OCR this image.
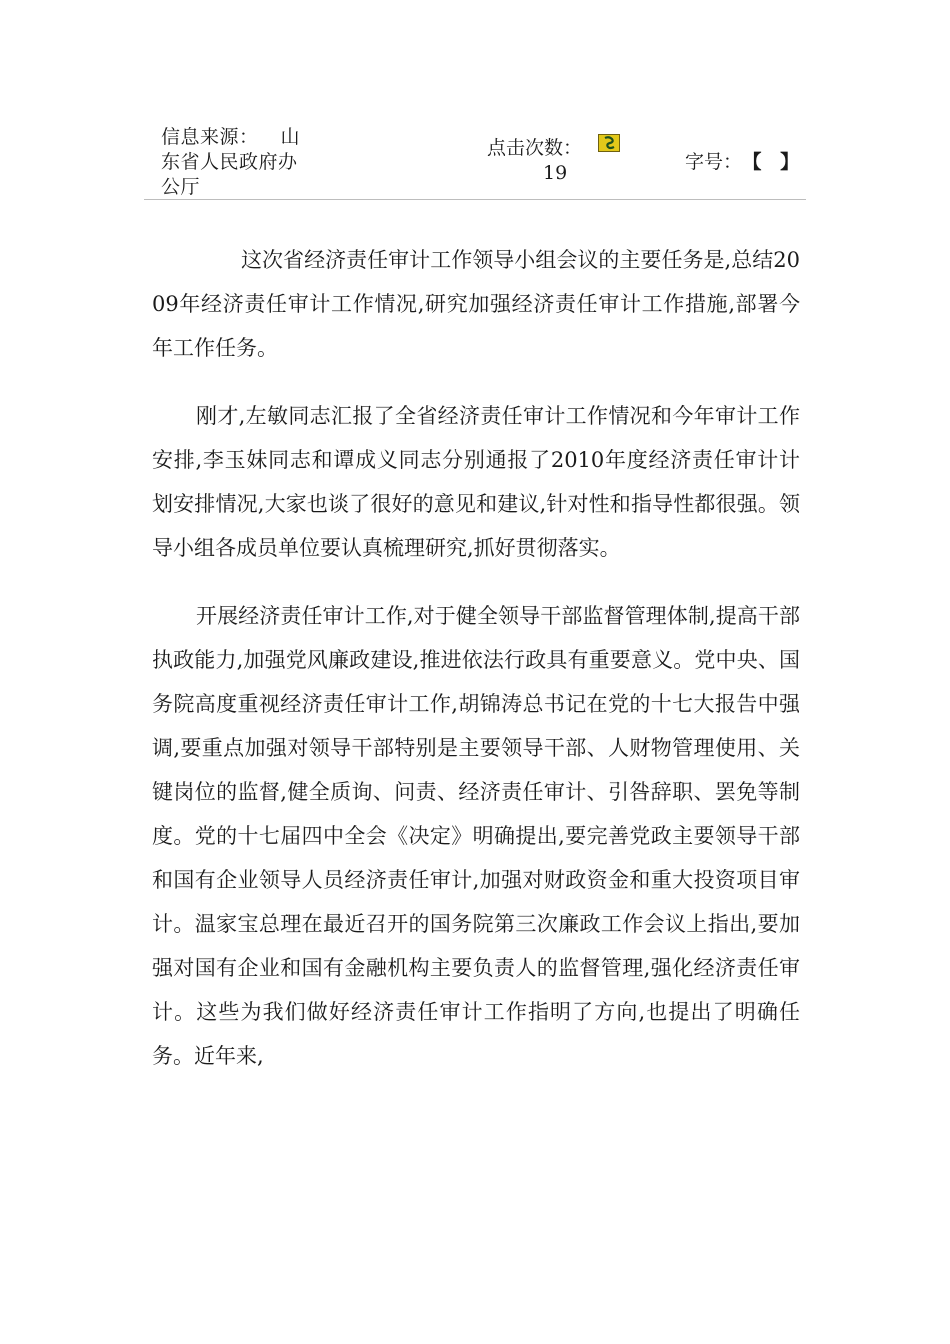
信息来源： 山东省人民政府办公厅
点击次数：
19	字号： 【 】

这次省经济责任审计工作领导小组会议的主要任务是,总结2009年经济责任审计工作情况,研究加强经济责任审计工作措施,部署今年工作任务。

刚才,左敏同志汇报了全省经济责任审计工作情况和今年审计工作安排,李玉妹同志和谭成义同志分别通报了2010年度经济责任审计计划安排情况,大家也谈了很好的意见和建议,针对性和指导性都很强。领导小组各成员单位要认真梳理研究,抓好贯彻落实。

开展经济责任审计工作,对于健全领导干部监督管理体制,提高干部执政能力,加强党风廉政建设,推进依法行政具有重要意义。党中央、国务院高度重视经济责任审计工作,胡锦涛总书记在党的十七大报告中强调,要重点加强对领导干部特别是主要领导干部、人财物管理使用、关键岗位的监督,健全质询、问责、经济责任审计、引咎辞职、罢免等制度。党的十七届四中全会《决定》明确提出,要完善党政主要领导干部和国有企业领导人员经济责任审计,加强对财政资金和重大投资项目审计。温家宝总理在最近召开的国务院第三次廉政工作会议上指出,要加强对国有企业和国有金融机构主要负责人的监督管理,强化经济责任审计。这些为我们做好经济责任审计工作指明了方向,也提出了明确任务。近年来,
